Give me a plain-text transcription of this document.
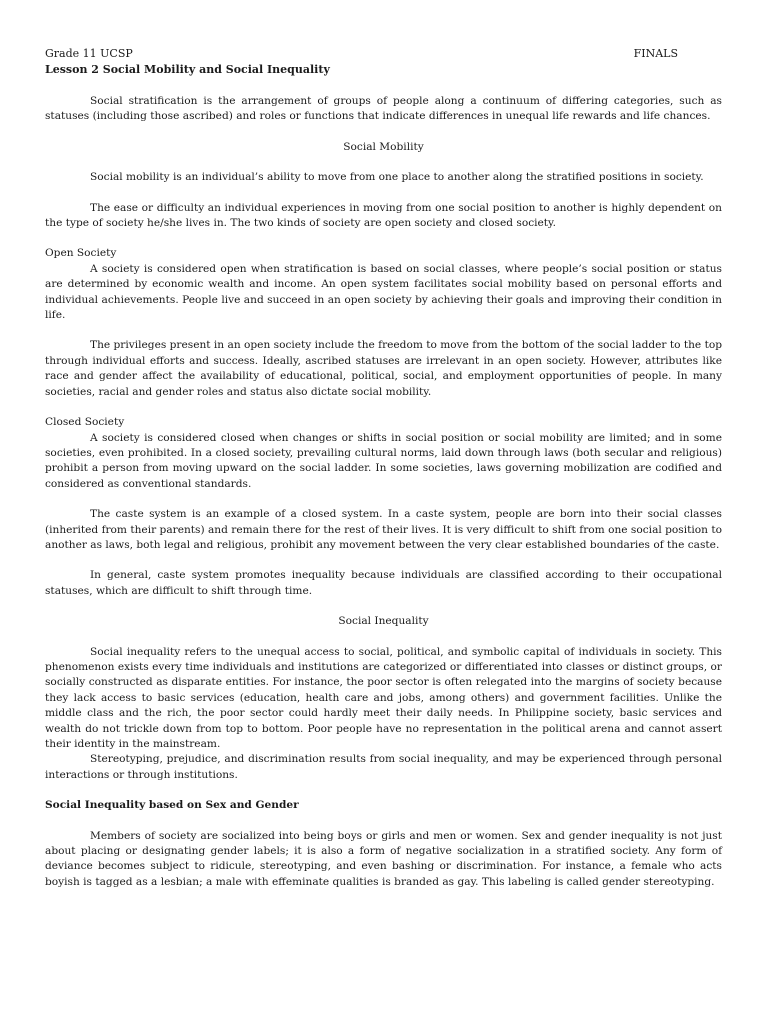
Grade 11 UCSP	FINALS
Lesson 2 Social Mobility and Social Inequality

Social stratification is the arrangement of groups of people along a continuum of differing categories, such as statuses (including those ascribed) and roles or functions that indicate differences in unequal life rewards and life chances.

Social Mobility

Social mobility is an individual’s ability to move from one place to another along the stratified positions in society.

The ease or difficulty an individual experiences in moving from one social position to another is highly dependent on the type of society he/she lives in. The two kinds of society are open society and closed society.

Open Society

A society is considered open when stratification is based on social classes, where people’s social position or status are determined by economic wealth and income. An open system facilitates social mobility based on personal efforts and individual achievements. People live and succeed in an open society by achieving their goals and improving their condition in life.

The privileges present in an open society include the freedom to move from the bottom of the social ladder to the top through individual efforts and success. Ideally, ascribed statuses are irrelevant in an open society. However, attributes like race and gender affect the availability of educational, political, social, and employment opportunities of people. In many societies, racial and gender roles and status also dictate social mobility.

Closed Society

A society is considered closed when changes or shifts in social position or social mobility are limited; and in some societies, even prohibited. In a closed society, prevailing cultural norms, laid down through laws (both secular and religious) prohibit a person from moving upward on the social ladder. In some societies, laws governing mobilization are codified and considered as conventional standards.

The caste system is an example of a closed system. In a caste system, people are born into their social classes (inherited from their parents) and remain there for the rest of their lives. It is very difficult to shift from one social position to another as laws, both legal and religious, prohibit any movement between the very clear established boundaries of the caste.

In general, caste system promotes inequality because individuals are classified according to their occupational statuses, which are difficult to shift through time.

Social Inequality

Social inequality refers to the unequal access to social, political, and symbolic capital of individuals in society. This phenomenon exists every time individuals and institutions are categorized or differentiated into classes or distinct groups, or socially constructed as disparate entities. For instance, the poor sector is often relegated into the margins of society because they lack access to basic services (education, health care and jobs, among others) and government facilities. Unlike the middle class and the rich, the poor sector could hardly meet their daily needs. In Philippine society, basic services and wealth do not trickle down from top to bottom. Poor people have no representation in the political arena and cannot assert their identity in the mainstream.

Stereotyping, prejudice, and discrimination results from social inequality, and may be experienced through personal interactions or through institutions.

Social Inequality based on Sex and Gender

Members of society are socialized into being boys or girls and men or women. Sex and gender inequality is not just about placing or designating gender labels; it is also a form of negative socialization in a stratified society. Any form of deviance becomes subject to ridicule, stereotyping, and even bashing or discrimination. For instance, a female who acts boyish is tagged as a lesbian; a male with effeminate qualities is branded as gay. This labeling is called gender stereotyping.
